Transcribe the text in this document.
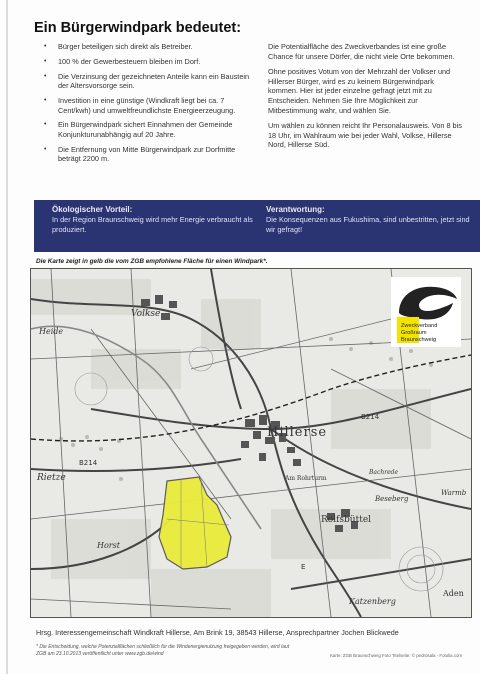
Ein Bürgerwindpark bedeutet:
• Bürger beteiligen sich direkt als Betreiber.
• 100 % der Gewerbesteuern bleiben im Dorf.
• Die Verzinsung der gezeichneten Anteile kann ein Baustein der Altersvorsorge sein.
• Investition in eine günstige (Windkraft liegt bei ca. 7 Cent/kwh) und umweltfreundlichste Energieerzeugung.
• Ein Bürgerwindpark sichert Einnahmen der Gemeinde Konjunkturunabhängig auf 20 Jahre.
• Die Entfernung von Mitte Bürgerwindpark zur Dorfmitte beträgt 2200 m.

Die Potentialfläche des Zweckverbandes ist eine große Chance für unsere Dörfer, die nicht viele Orte bekommen.

Ohne positives Votum von der Mehrzahl der Volkser und Hillerser Bürger, wird es zu keinem Bürgerwindpark kommen. Hier ist jeder einzelne gefragt jetzt mit zu Entscheiden. Nehmen Sie Ihre Möglichkeit zur Mitbestimmung wahr, und wählen Sie.

Um wählen zu können reicht Ihr Personalausweis. Von 8 bis 18 Uhr, im Wahlraum wie bei jeder Wahl, Volkse, Hillerse Nord, Hillerse Süd.

Ökologischer Vorteil:

In der Region Braunschweig wird mehr Energie verbraucht als produziert.

Verantwortung:

Die Konsequenzen aus Fukushima, sind unbestritten, jetzt sind wir gefragt!

Die Karte zeigt in gelb die vom ZGB empfohlene Fläche für einen Windpark*.
B214
B214
E
Volkse
Hillerse
Rietze
Horst
Rolfsbüttel
Beseberg
Katzenberg
Aden
Am Rohrturm
Bachrede
Heide
Warmb
Zweckverband
Großraum
Braunschweig
Hrsg. Interessengemeinschaft Windkraft Hillerse, Am Brink 19, 38543 Hillerse, Ansprechpartner Jochen Blickwede
* Die Entscheidung, welche Potenzialflächen schließlich für die Windenergienutzung freigegeben werden, wird laut ZGB am 23.10.2013 veröffentlicht unter www.zgb.de/wind	Karte: ZGB Braunschweig Foto Titelseite: © pedrosala - Fotolia.com
